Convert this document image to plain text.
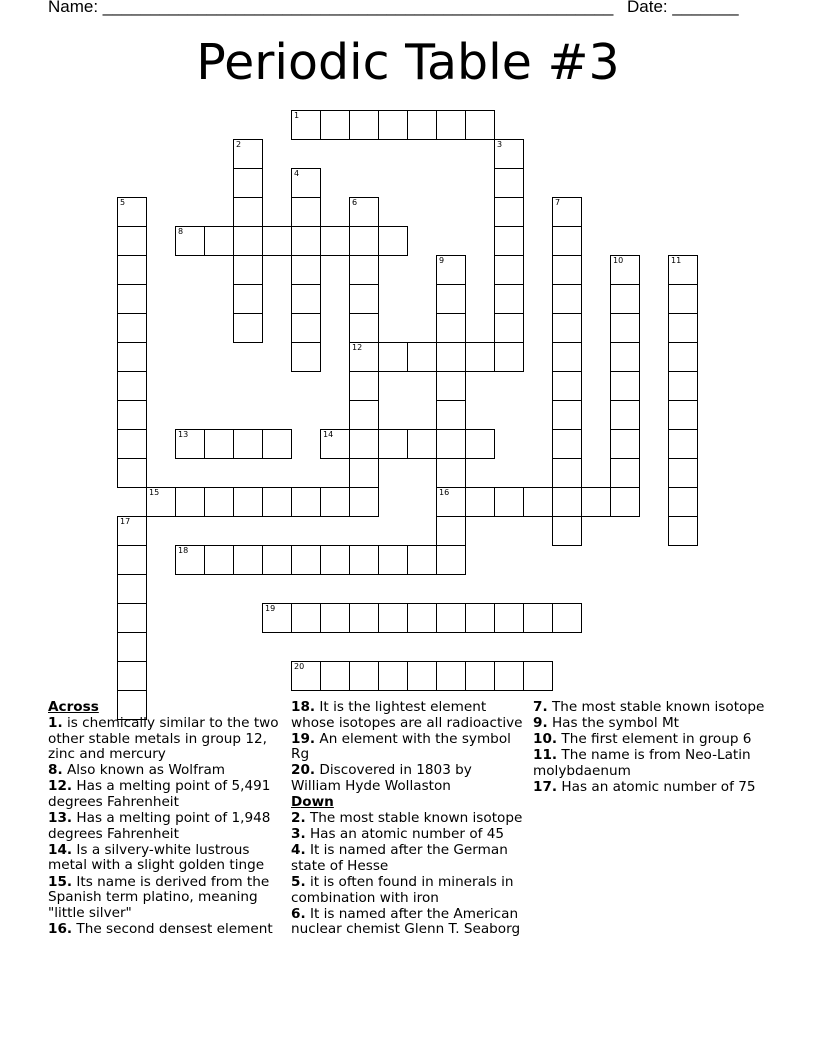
Name: ______________________________________________________ Date: _______
Periodic Table #3
1
8
12
13	14
15	16
18
19
20
2	3
4
5	6	7
9	10	11
17

Across

1. is chemically similar to the two other stable metals in group 12, zinc and mercury

8. Also known as Wolfram

12. Has a melting point of 5,491 degrees Fahrenheit

13. Has a melting point of 1,948 degrees Fahrenheit

14. Is a silvery-white lustrous metal with a slight golden tinge

15. Its name is derived from the Spanish term platino, meaning "little silver"

16. The second densest element

18. It is the lightest element whose isotopes are all radioactive

19. An element with the symbol Rg

20. Discovered in 1803 by William Hyde Wollaston

Down

2. The most stable known isotope

3. Has an atomic number of 45

4. It is named after the German state of Hesse

5. it is often found in minerals in combination with iron

6. It is named after the American nuclear chemist Glenn T. Seaborg

7. The most stable known isotope

9. Has the symbol Mt

10. The first element in group 6

11. The name is from Neo-Latin molybdaenum

17. Has an atomic number of 75
